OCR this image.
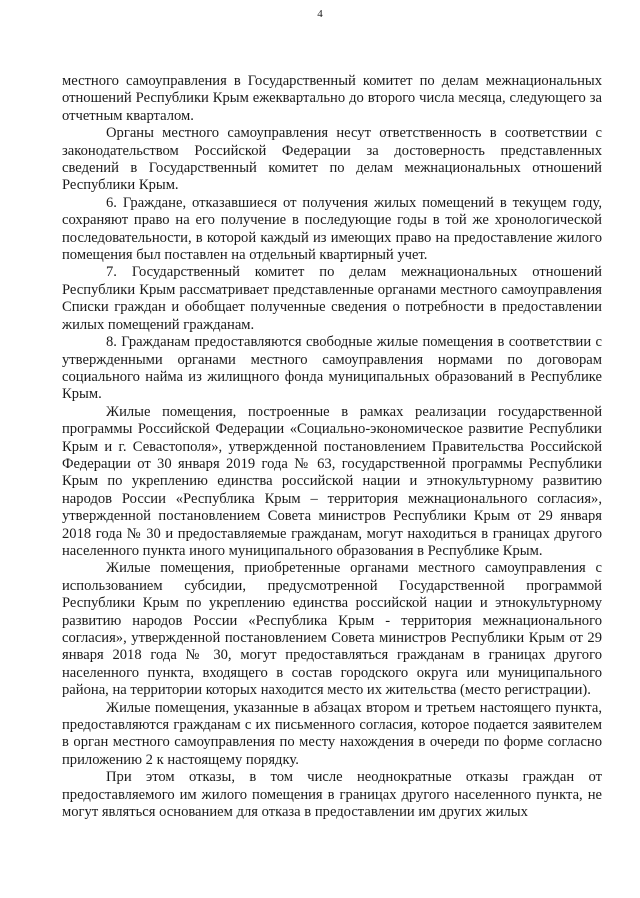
4

местного самоуправления в Государственный комитет по делам межнациональных отношений Республики Крым ежеквартально до второго числа месяца, следующего за отчетным кварталом.

Органы местного самоуправления несут ответственность в соответствии с законодательством Российской Федерации за достоверность представленных сведений в Государственный комитет по делам межнациональных отношений Республики Крым.

6. Граждане, отказавшиеся от получения жилых помещений в текущем году, сохраняют право на его получение в последующие годы в той же хронологической последовательности, в которой каждый из имеющих право на предоставление жилого помещения был поставлен на отдельный квартирный учет.

7. Государственный комитет по делам межнациональных отношений Республики Крым рассматривает представленные органами местного самоуправления Списки граждан и обобщает полученные сведения о потребности в предоставлении жилых помещений гражданам.

8. Гражданам предоставляются свободные жилые помещения в соответствии с утвержденными органами местного самоуправления нормами по договорам социального найма из жилищного фонда муниципальных образований в Республике Крым.

Жилые помещения, построенные в рамках реализации государственной программы Российской Федерации «Социально-экономическое развитие Республики Крым и г. Севастополя», утвержденной постановлением Правительства Российской Федерации от 30 января 2019 года № 63, государственной программы Республики Крым по укреплению единства российской нации и этнокультурному развитию народов России «Республика Крым – территория межнационального согласия», утвержденной постановлением Совета министров Республики Крым от 29 января 2018 года № 30 и предоставляемые гражданам, могут находиться в границах другого населенного пункта иного муниципального образования в Республике Крым.

Жилые помещения, приобретенные органами местного самоуправления с использованием субсидии, предусмотренной Государственной программой Республики Крым по укреплению единства российской нации и этнокультурному развитию народов России «Республика Крым - территория межнационального согласия», утвержденной постановлением Совета министров Республики Крым от 29 января 2018 года № 30, могут предоставляться гражданам в границах другого населенного пункта, входящего в состав городского округа или муниципального района, на территории которых находится место их жительства (место регистрации).

Жилые помещения, указанные в абзацах втором и третьем настоящего пункта, предоставляются гражданам с их письменного согласия, которое подается заявителем в орган местного самоуправления по месту нахождения в очереди по форме согласно приложению 2 к настоящему порядку.

При этом отказы, в том числе неоднократные отказы граждан от предоставляемого им жилого помещения в границах другого населенного пункта, не могут являться основанием для отказа в предоставлении им других жилых
